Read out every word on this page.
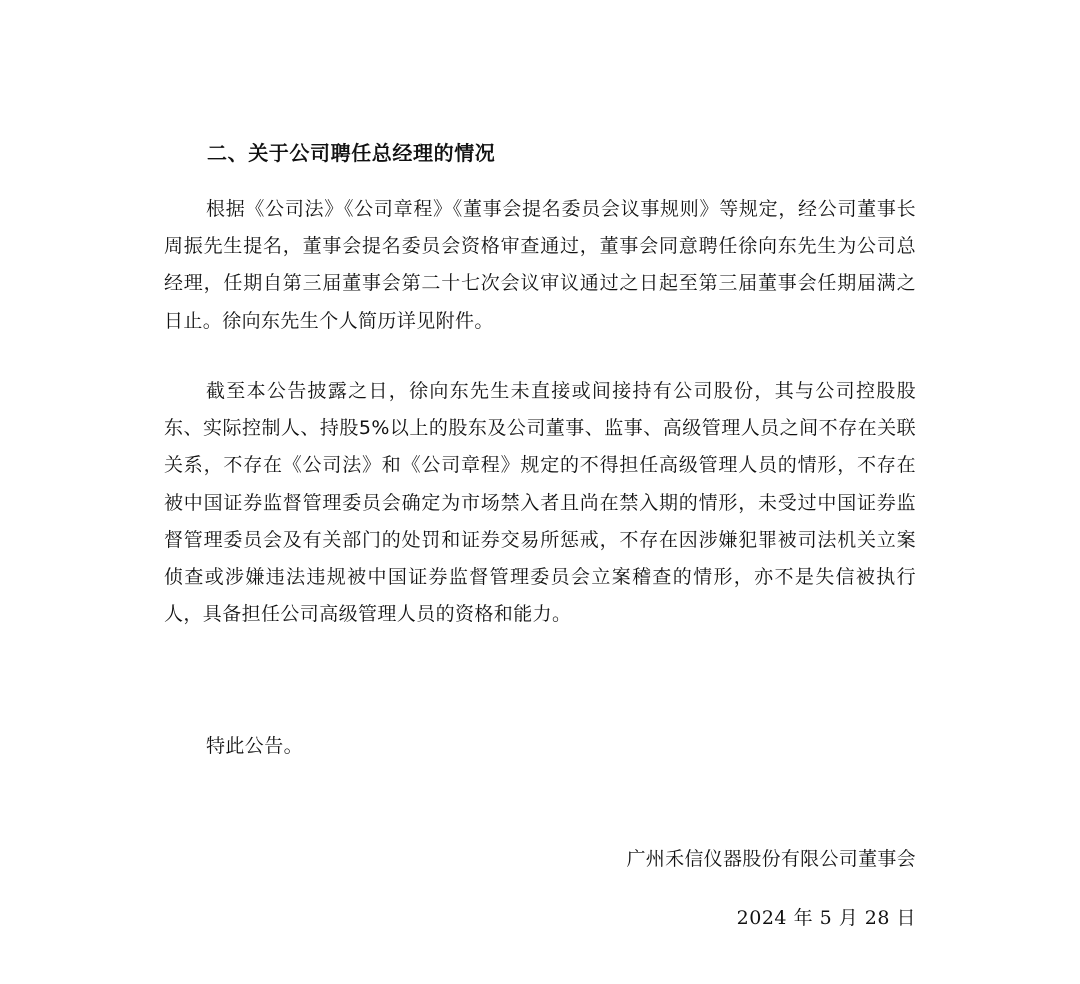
二、关于公司聘任总经理的情况

根据《公司法》《公司章程》《董事会提名委员会议事规则》等规定，经公司董事长周振先生提名，董事会提名委员会资格审查通过，董事会同意聘任徐向东先生为公司总经理，任期自第三届董事会第二十七次会议审议通过之日起至第三届董事会任期届满之日止。徐向东先生个人简历详见附件。

截至本公告披露之日，徐向东先生未直接或间接持有公司股份，其与公司控股股东、实际控制人、持股5%以上的股东及公司董事、监事、高级管理人员之间不存在关联关系，不存在《公司法》和《公司章程》规定的不得担任高级管理人员的情形，不存在被中国证券监督管理委员会确定为市场禁入者且尚在禁入期的情形，未受过中国证券监督管理委员会及有关部门的处罚和证券交易所惩戒，不存在因涉嫌犯罪被司法机关立案侦查或涉嫌违法违规被中国证券监督管理委员会立案稽查的情形，亦不是失信被执行人，具备担任公司高级管理人员的资格和能力。

特此公告。

广州禾信仪器股份有限公司董事会
2024 年 5 月 28 日
